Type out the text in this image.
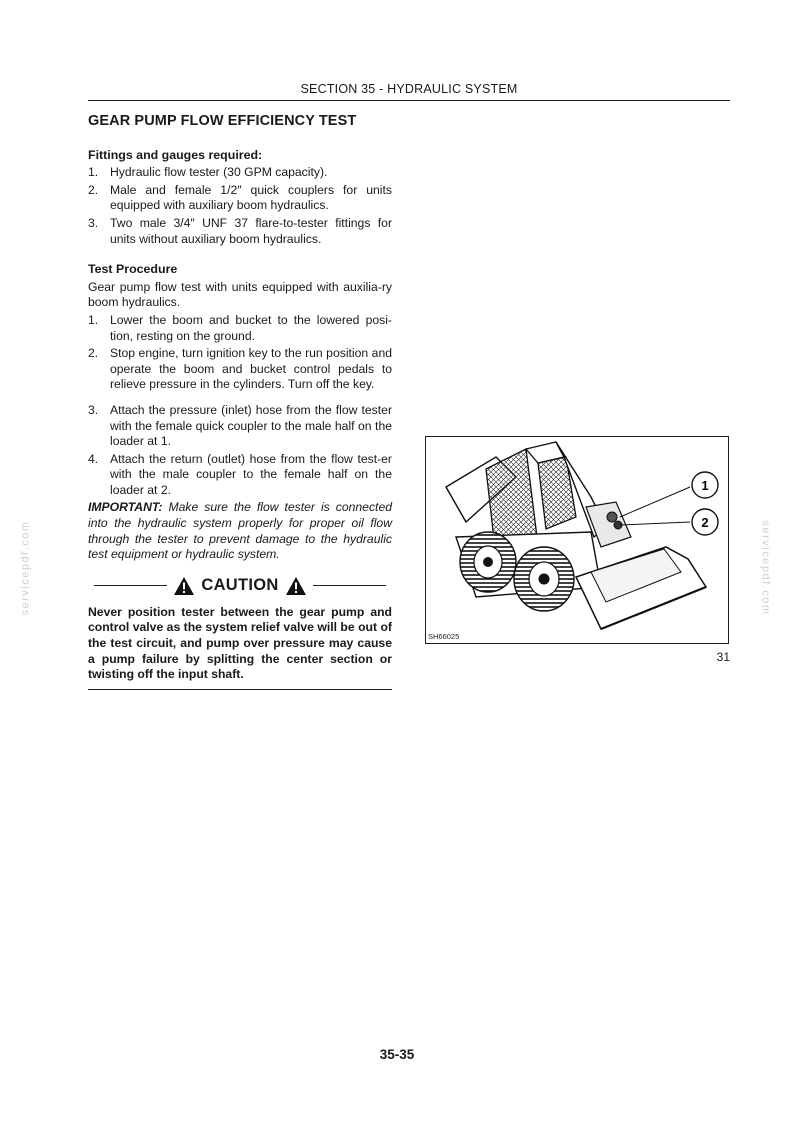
SECTION 35 - HYDRAULIC SYSTEM
GEAR PUMP FLOW EFFICIENCY TEST
Fittings and gauges required:
1. Hydraulic flow tester (30 GPM capacity).
2. Male and female 1/2″ quick couplers for units equipped with auxiliary boom hydraulics.
3. Two male 3/4″ UNF 37 flare-to-tester fittings for units without auxiliary boom hydraulics.
Test Procedure

Gear pump flow test with units equipped with auxilia-ry boom hydraulics.

1. Lower the boom and bucket to the lowered posi-tion, resting on the ground.
2. Stop engine, turn ignition key to the run position and operate the boom and bucket control pedals to relieve pressure in the cylinders. Turn off the key.
3. Attach the pressure (inlet) hose from the flow tester with the female quick coupler to the male half on the loader at 1.
4. Attach the return (outlet) hose from the flow test-er with the male coupler to the female half on the loader at 2.

IMPORTANT: Make sure the flow tester is connected into the hydraulic system properly for proper oil flow through the tester to prevent damage to the hydraulic test equipment or hydraulic system.

CAUTION
Never position tester between the gear pump and control valve as the system relief valve will be out of the test circuit, and pump over pressure may cause a pump failure by splitting the center section or twisting off the input shaft.
1
2
SH66025
31
servicepdf.com	servicepdf.com
35-35
